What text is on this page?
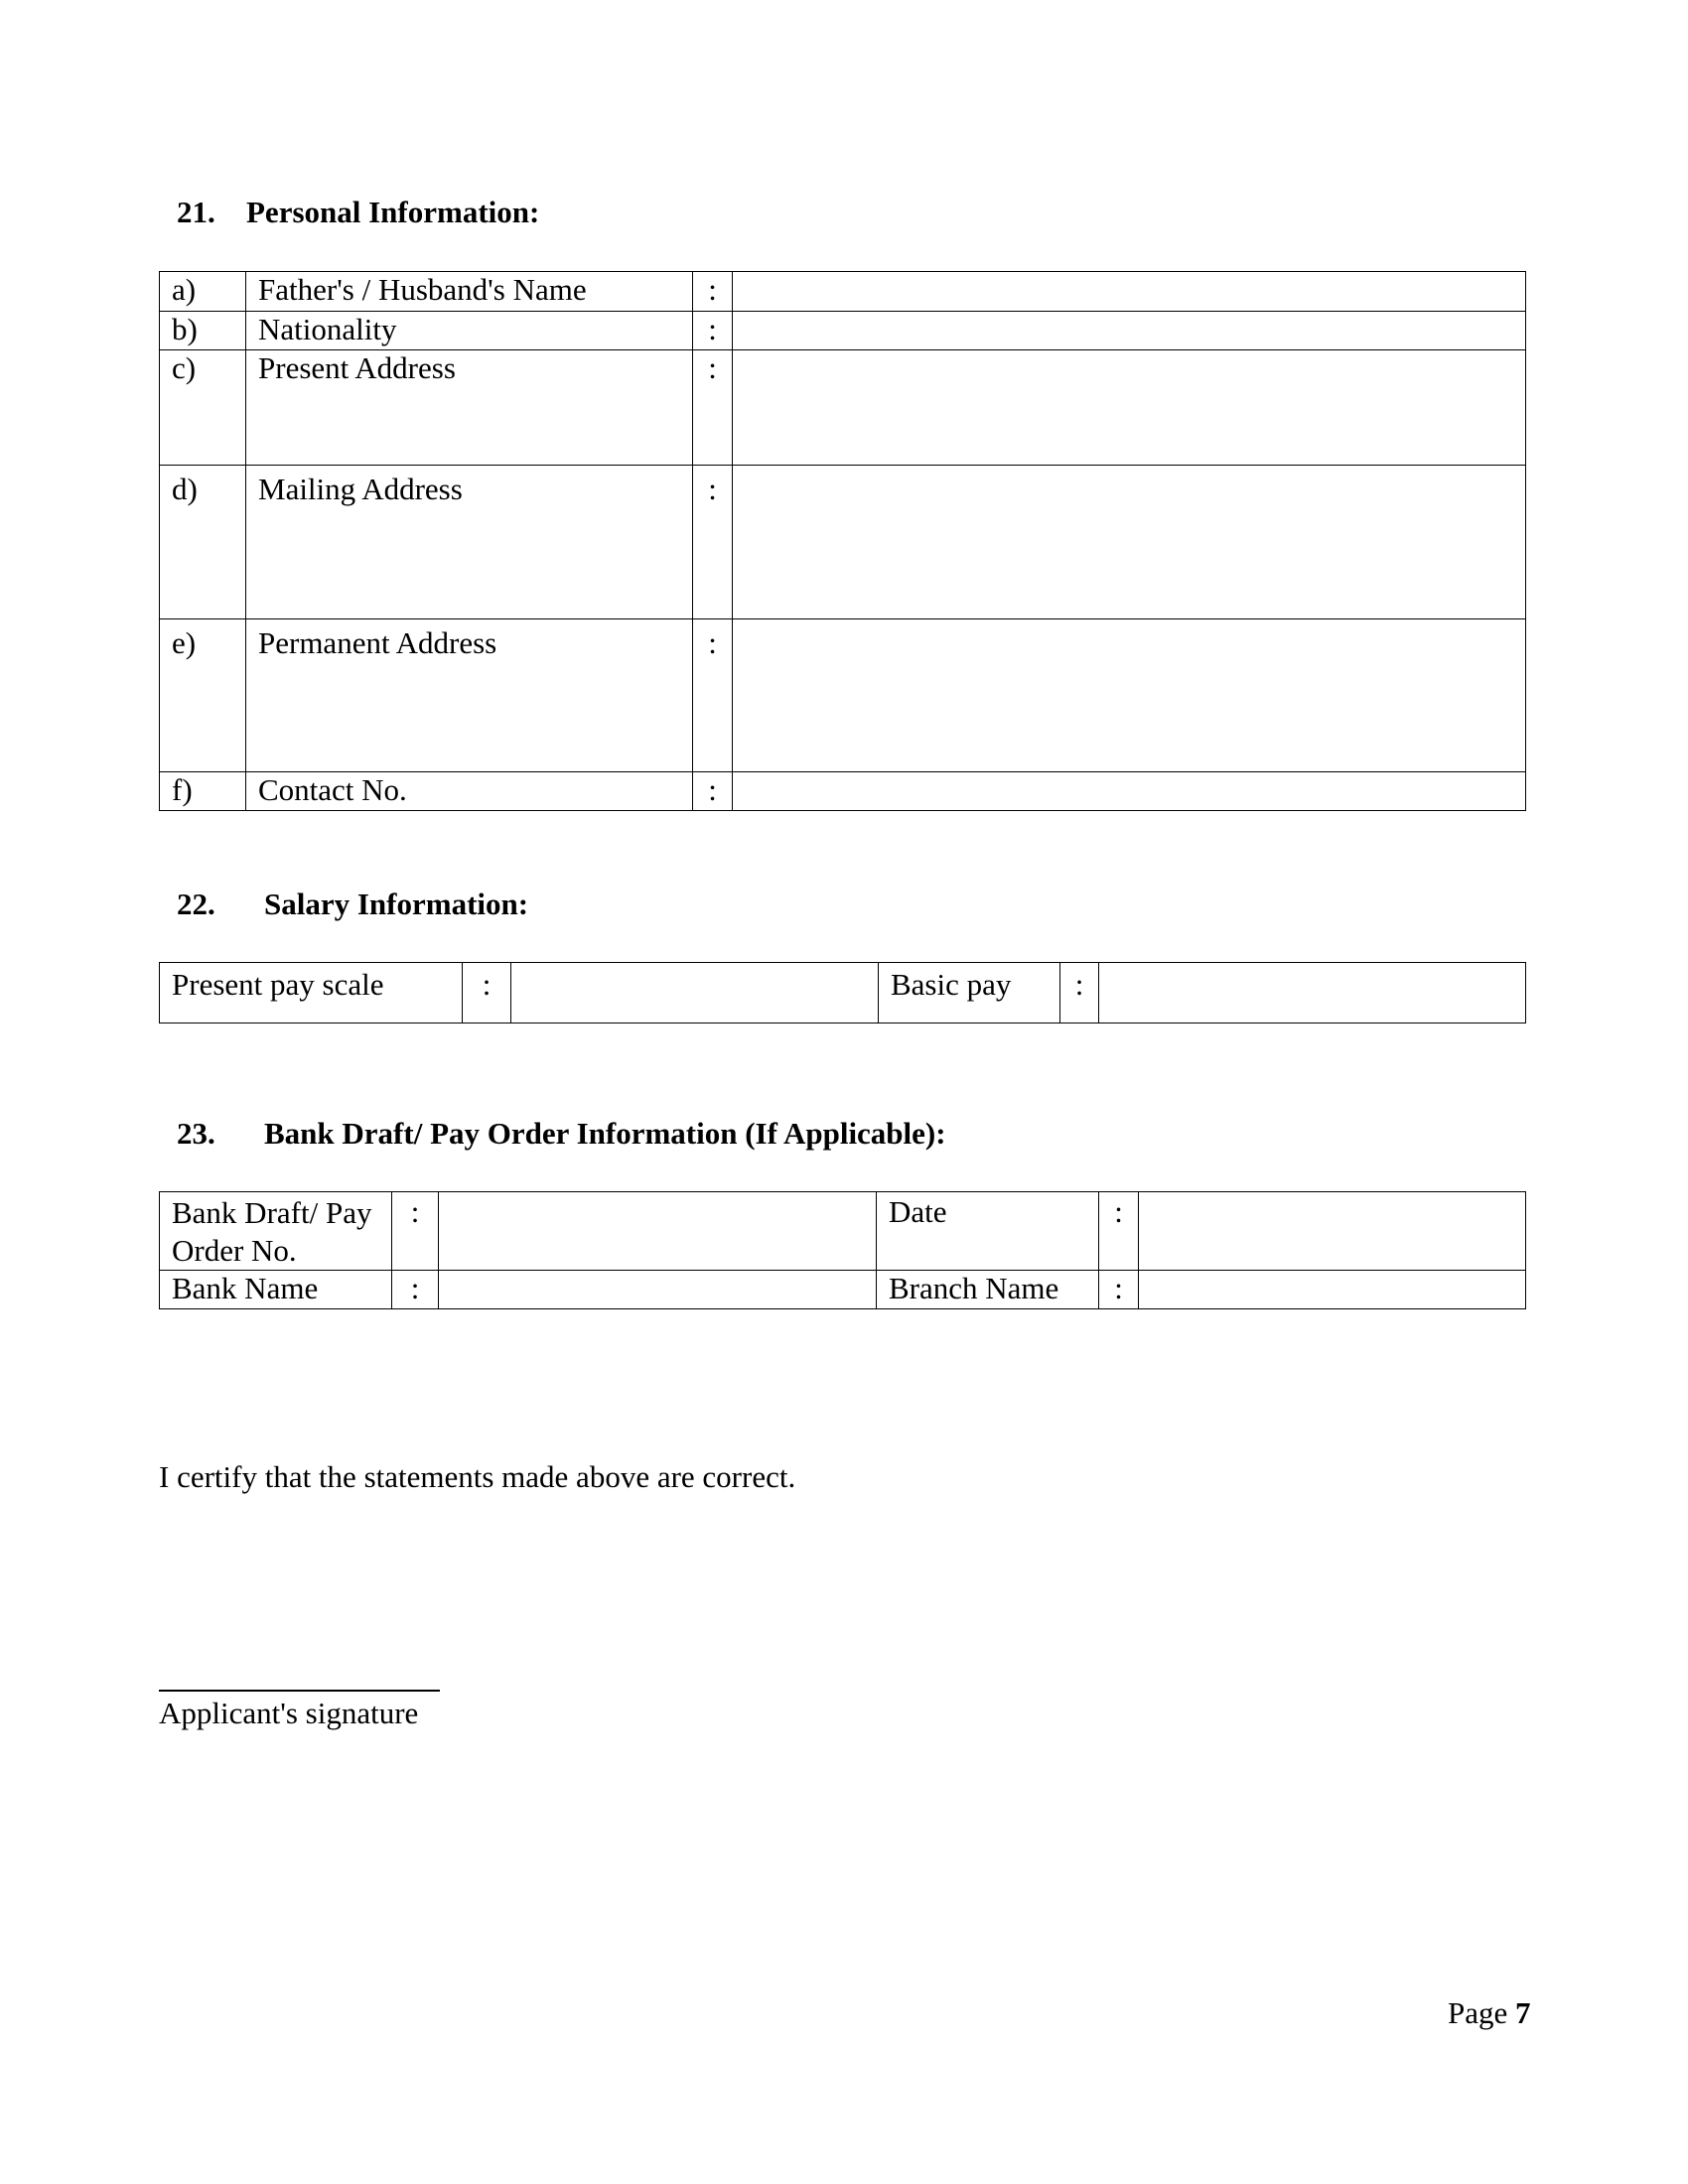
21. Personal Information:
a)	Father's / Husband's Name	:	
b)	Nationality	:	
c)	Present Address	:	
d)	Mailing Address	:	
e)	Permanent Address	:	
f)	Contact No.	:	
22. Salary Information:
Present pay scale	:		Basic pay	:	
23. Bank Draft/ Pay Order Information (If Applicable):
Bank Draft/ Pay Order No.	:		Date	:	
Bank Name	:		Branch Name	:	
I certify that the statements made above are correct.
Applicant's signature
Page 7
